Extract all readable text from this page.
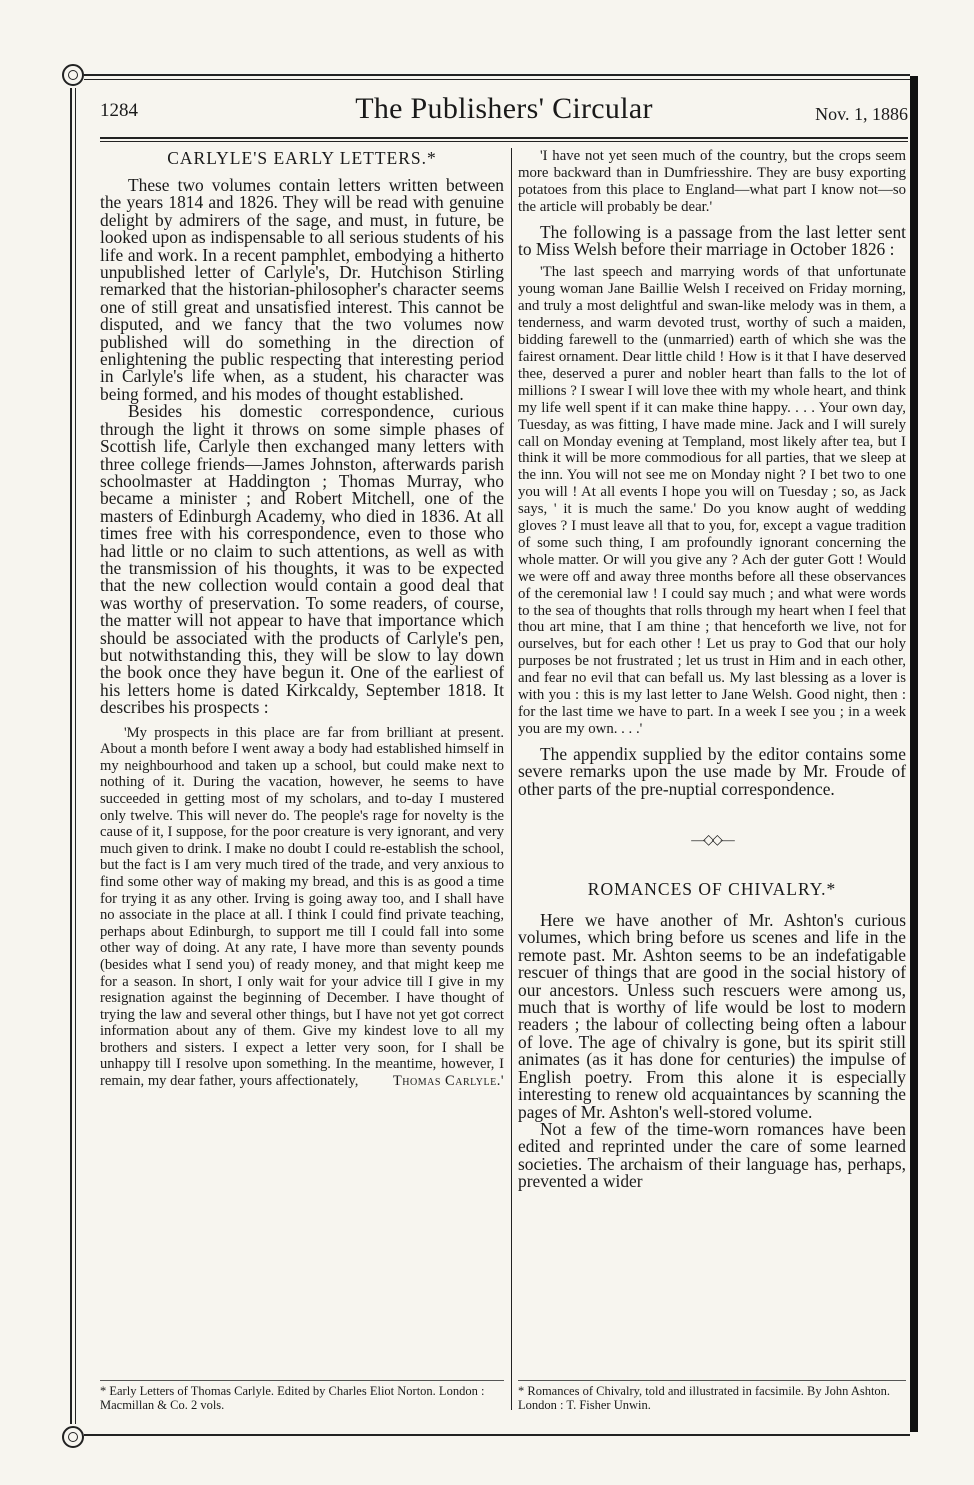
1284	The Publishers' Circular	Nov. 1, 1886
CARLYLE'S EARLY LETTERS.*

These two volumes contain letters written between the years 1814 and 1826. They will be read with genuine delight by admirers of the sage, and must, in future, be looked upon as indispensable to all serious students of his life and work. In a recent pamphlet, embodying a hitherto unpublished letter of Carlyle's, Dr. Hutchison Stirling remarked that the historian-philosopher's character seems one of still great and unsatisfied interest. This cannot be disputed, and we fancy that the two volumes now published will do something in the direction of enlightening the public respecting that interesting period in Carlyle's life when, as a student, his character was being formed, and his modes of thought established.

Besides his domestic correspondence, curious through the light it throws on some simple phases of Scottish life, Carlyle then exchanged many letters with three college friends—James Johnston, afterwards parish schoolmaster at Haddington ; Thomas Murray, who became a minister ; and Robert Mitchell, one of the masters of Edinburgh Academy, who died in 1836. At all times free with his correspondence, even to those who had little or no claim to such attentions, as well as with the transmission of his thoughts, it was to be expected that the new collection would contain a good deal that was worthy of preservation. To some readers, of course, the matter will not appear to have that importance which should be associated with the products of Carlyle's pen, but notwithstanding this, they will be slow to lay down the book once they have begun it. One of the earliest of his letters home is dated Kirkcaldy, September 1818. It describes his prospects :

'My prospects in this place are far from brilliant at present. About a month before I went away a body had established himself in my neighbourhood and taken up a school, but could make next to nothing of it. During the vacation, however, he seems to have succeeded in getting most of my scholars, and to-day I mustered only twelve. This will never do. The people's rage for novelty is the cause of it, I suppose, for the poor creature is very ignorant, and very much given to drink. I make no doubt I could re-establish the school, but the fact is I am very much tired of the trade, and very anxious to find some other way of making my bread, and this is as good a time for trying it as any other. Irving is going away too, and I shall have no associate in the place at all. I think I could find private teaching, perhaps about Edinburgh, to support me till I could fall into some other way of doing. At any rate, I have more than seventy pounds (besides what I send you) of ready money, and that might keep me for a season. In short, I only wait for your advice till I give in my resignation against the beginning of December. I have thought of trying the law and several other things, but I have not yet got correct information about any of them. Give my kindest love to all my brothers and sisters. I expect a letter very soon, for I shall be unhappy till I resolve upon something. In the meantime, however, I remain, my dear father, yours affectionately,	Thomas Carlyle.'

* Early Letters of Thomas Carlyle. Edited by Charles Eliot Norton. London : Macmillan & Co. 2 vols.

'I have not yet seen much of the country, but the crops seem more backward than in Dumfriesshire. They are busy exporting potatoes from this place to England—what part I know not—so the article will probably be dear.'

The following is a passage from the last letter sent to Miss Welsh before their marriage in October 1826 :

'The last speech and marrying words of that unfortunate young woman Jane Baillie Welsh I received on Friday morning, and truly a most delightful and swan-like melody was in them, a tenderness, and warm devoted trust, worthy of such a maiden, bidding farewell to the (unmarried) earth of which she was the fairest ornament. Dear little child ! How is it that I have deserved thee, deserved a purer and nobler heart than falls to the lot of millions ? I swear I will love thee with my whole heart, and think my life well spent if it can make thine happy. . . . Your own day, Tuesday, as was fitting, I have made mine. Jack and I will surely call on Monday evening at Templand, most likely after tea, but I think it will be more commodious for all parties, that we sleep at the inn. You will not see me on Monday night ? I bet two to one you will ! At all events I hope you will on Tuesday ; so, as Jack says, ' it is much the same.' Do you know aught of wedding gloves ? I must leave all that to you, for, except a vague tradition of some such thing, I am profoundly ignorant concerning the whole matter. Or will you give any ? Ach der guter Gott ! Would we were off and away three months before all these observances of the ceremonial law ! I could say much ; and what were words to the sea of thoughts that rolls through my heart when I feel that thou art mine, that I am thine ; that henceforth we live, not for ourselves, but for each other ! Let us pray to God that our holy purposes be not frustrated ; let us trust in Him and in each other, and fear no evil that can befall us. My last blessing as a lover is with you : this is my last letter to Jane Welsh. Good night, then : for the last time we have to part. In a week I see you ; in a week you are my own. . . .'

The appendix supplied by the editor contains some severe remarks upon the use made by Mr. Froude of other parts of the pre-nuptial correspondence.

—◇◇—
ROMANCES OF CHIVALRY.*

Here we have another of Mr. Ashton's curious volumes, which bring before us scenes and life in the remote past. Mr. Ashton seems to be an indefatigable rescuer of things that are good in the social history of our ancestors. Unless such rescuers were among us, much that is worthy of life would be lost to modern readers ; the labour of collecting being often a labour of love. The age of chivalry is gone, but its spirit still animates (as it has done for centuries) the impulse of English poetry. From this alone it is especially interesting to renew old acquaintances by scanning the pages of Mr. Ashton's well-stored volume.

Not a few of the time-worn romances have been edited and reprinted under the care of some learned societies. The archaism of their language has, perhaps, prevented a wider

* Romances of Chivalry, told and illustrated in facsimile. By John Ashton. London : T. Fisher Unwin.
